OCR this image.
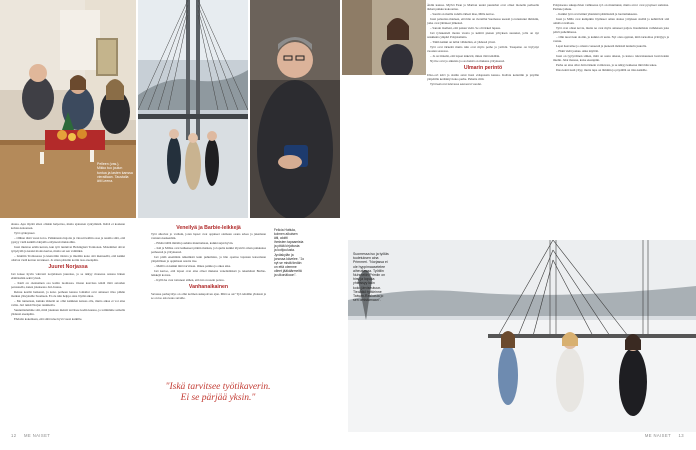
Pelleen (vas.),
Mikko tuo joulun
tuntua ja lasten kanssa
vieraillaan. Taustalla
äiti Leena.

alussa. Apu myötä alkoi ollakin helpottaa, mutta ajatusten syntymästä. Ikävä ei koskaan kohtaa kokonaan.

Työt syöksyneet.

– Olihan tästä vuosi kova. Palkinnasta hajoita ja vinosti kalliin osaa ja nauttia siitä, että pystyy vielä kaikilla lahjoilla erityisesti muistoihin.

Jussi muistaa erään kerran, kun työt tuntuivat Helsingissä Tornionan. Molemmat olivat työpöytää ja kaatui monta kertaa, mutta sai sen valmiiksi.

– Istuttiin Tromssassa ja kierrettiin tiloista ja miettiin koko sitä menneellä, että kaikki olisivat vielä kerran tavanneet. Ja sitten päästiin kotiin taas eteenpäin.

Juuret Norjassa

Jari kokee hyvin vahvasti norjalaisen juurensa, ja se näkyy monessa asiassa hänen elämässään sekä työssä.

– Kieli on olennainen osa kotiin tuomassa. Osaan kasvissa tehdä töitä asioiden perusteella, kuten jokaisessa Jari-Juussa.

Reissu kestää hetkessä, ja koko perheen kanssa lomailut ovat antaneet tilaa pitkän matkan yhteyksille Suomeen. Ei ole niin helppo aina löytää aikaa.

– Me tunnetaan, kuinka tärkeää on ollut kaikkien kanssa olla, mutta aikaa ei voi aina valita. Jari tutkii Norjan rannikolla.

Suunnittelemme sitä, mitä jokainen meistä tarvitsee kodin kanssa, ja toimimme samalla yhdessä eteenpäin.

Ehdotin kokemaan, että siitä tulee hyvä vuosi kaikille.

Veneilyä ja Barbie-leikkejä

Työt alkoivat jo varhain, joten lapset ovat oppineet olemaan osana arkea ja jakamaan vastuuta keskenään.

– Eihän täällä mitään jouduttu muuttamaan, kaikki sujui hyvin.

– Isiä ja Millaa ovat kulkeneet pitkän matkan, ja lopulta kaikki löysivät oman paikkansa perheessä ja yrityksessä.

Jari pitää enemmän näkemistä kuin puhumista, ja hän opettaa lapsiaan katsomaan ympärilleen ja oppimaan asioita itse.

– Meillä on kaikki mitä tarvitaan. Oikea paikka ja oikea aika.

Jari kertoo, että lapset ovat aina olleet mukana veneilemässä ja tekemässä Barbie-leikkejä kotona.

– Kyllä he ovat tottuneet siihen, että isä on usein poissa.

Vanhanaikainen

Suvussa perheyritys on ollut kolmen sukupolven ajan. Mitä se on? Työ tehdään yhdessä ja se on iso asia koko suvulle.

Felicia Huttula,
kolmen aikuisen
äiti, aloitti
ihmisten tapaamista
ja pitää kirjoitusta
ja kotijoulusta.
Jyväskylän ja
jonossa kävelee. "Jo
nyt se mistä tiedän
on että olemme
olleet jääkäärmeitä
ja ulkonäkoon".
"Iskä tarvitsee työtikaverin.
Ei se pärjää yksin."

Äidin kanssa. Mylvä Esan ja Marttan uudet puutarhat ovat olleet monelle perheelle tärkeä paikka kokoontua.

– Suomi on meille todella tärkeä maa, Milla kertoo.

Jussi palauttaa mieleen, että hän on vieraillut Suomessa useasti ja tutustunut ihmisiin, jotka ovat jättäneet jälkensä.

– Sanoin itselleni, että palaan vielä. Se oli tärkeä lupaus.

Jari työskenteli monta vuotta ja kehitti pienen yrityksen suureksi, jolla on nyt asiakkaita ympäri Pohjoismaita.

– Tämä kaikki on tullut vähitellen, ei yhdessä yössä.

Työt ovat tärkeitä mutta niin ovat myös perhe ja ystävät. Tasapaino on löytynyt vuosien saatossa.

– Ja on tärkeää, että lapset näkevät, miten töitä tehdään.

Nyt he ovat jo aikuisia ja osa heistä on mukana yrityksessä.

Ulmarin perintö

Ulko-ovi kävi ja sisään astui Jussi eväspussin kanssa. Kahvia keitettiin ja pöydän ympärille kerääntyi koko perhe. Puhetta riitti.

Työt kertovat tulevassa seuraavat vuodet.

Pohjoisessa sukupolvien vaihtuessa työ on muuttunut, mutta arvot ovat pysyneet samoina. Perinne jatkuu.

– Kaikki työt ovat kiinni yhteisistä päätöksistä ja luottamuksesta.

Jussi ja Milla ovat kumpikin löytäneet oman alansa yrityksen sisältä ja kehittävät sitä omalla tavallaan.

Työt ovat olleet kovia, mutta ne ovat myös antaneet paljon. Kuulumisia vaihdetaan joka päivä puhelimessa.

– Olin nuori kun aloitin, ja kaikki oli uutta. Nyt olen oppinut, mitä tarkoittaa yrittäjyys ja vastuu.

Lapsi haaveilee jo omasta veneestä ja pienestä mökistä tunturin juurella.

– Ehkä vielä joskus. Aika näyttää.

Jussi on tyytyväinen siihen, mitä on saatu aikaan, ja katsoo tulevaisuuteen luottavaisin mielin. Jalat maassa, katse eteenpäin.

Perhe on aina ollut Jarin tärkein voimavara, ja se näkyy kaikessa mitä hän tekee.

Iltaa kohti tuuli yltyy, mutta tupa on lämmin ja pöydällä on tilaa kaikille.

Suomessa iso ja työläs
tuuletuksen aina
Primmeri. "Norjassa ei
ole hyppimaasetelee
aiheuttavaa. Työtilin
Nuhmeliin Primiin on
hirsi ja lopulta
yhteissyy kuin
koko järviseutuun.
Tiedätkö tyttärinne
Taiwan-Raskasta jo
sen omistamaan".
12 ME NAISET	ME NAISET 13
